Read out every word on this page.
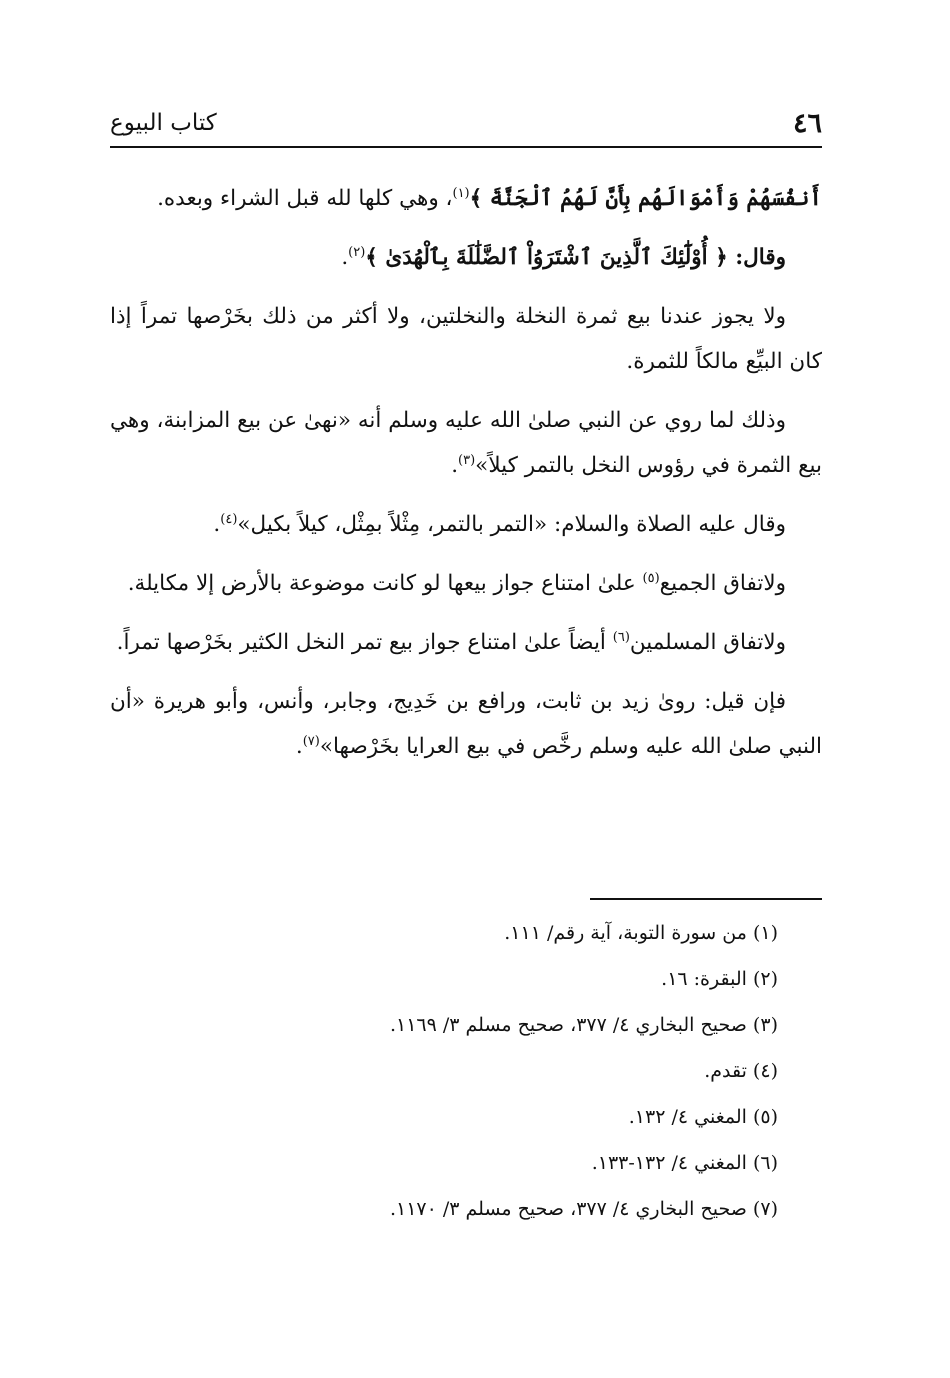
٤٦
كتاب البيوع

أَنفُسَهُمْ وَأَمْوَالَهُم بِأَنَّ لَهُمُ ٱلْجَنَّةَ ﴾$^{(١)}$، وهي كلها لله قبل الشراء وبعده.

وقال: ﴿ أُوْلَٰٓئِكَ ٱلَّذِينَ ٱشْتَرَوُاْ ٱلضَّلَٰلَةَ بِٱلْهُدَىٰ ﴾$^{(٢)}$.

ولا يجوز عندنا بيع ثمرة النخلة والنخلتين، ولا أكثر من ذلك بخَرْصها تمراً إذا كان البيِّع مالكاً للثمرة.

وذلك لما روي عن النبي صلىٰ الله عليه وسلم أنه «نهىٰ عن بيع المزابنة، وهي بيع الثمرة في رؤوس النخل بالتمر كيلاً»$^{(٣)}$.

وقال عليه الصلاة والسلام: «التمر بالتمر، مِثْلاً بمِثْل، كيلاً بكيل»$^{(٤)}$.

ولاتفاق الجميع$^{(٥)}$ علىٰ امتناع جواز بيعها لو كانت موضوعة بالأرض إلا مكايلة.

ولاتفاق المسلمين$^{(٦)}$ أيضاً علىٰ امتناع جواز بيع تمر النخل الكثير بخَرْصها تمراً.

فإن قيل: روىٰ زيد بن ثابت، ورافع بن خَدِيج، وجابر، وأنس، وأبو هريرة «أن النبي صلىٰ الله عليه وسلم رخَّص في بيع العرايا بخَرْصها»$^{(٧)}$.

(١) من سورة التوبة، آية رقم/ ١١١.
(٢) البقرة: ١٦.
(٣) صحيح البخاري ٤/ ٣٧٧، صحيح مسلم ٣/ ١١٦٩.
(٤) تقدم.
(٥) المغني ٤/ ١٣٢.
(٦) المغني ٤/ ١٣٢-١٣٣.
(٧) صحيح البخاري ٤/ ٣٧٧، صحيح مسلم ٣/ ١١٧٠.
